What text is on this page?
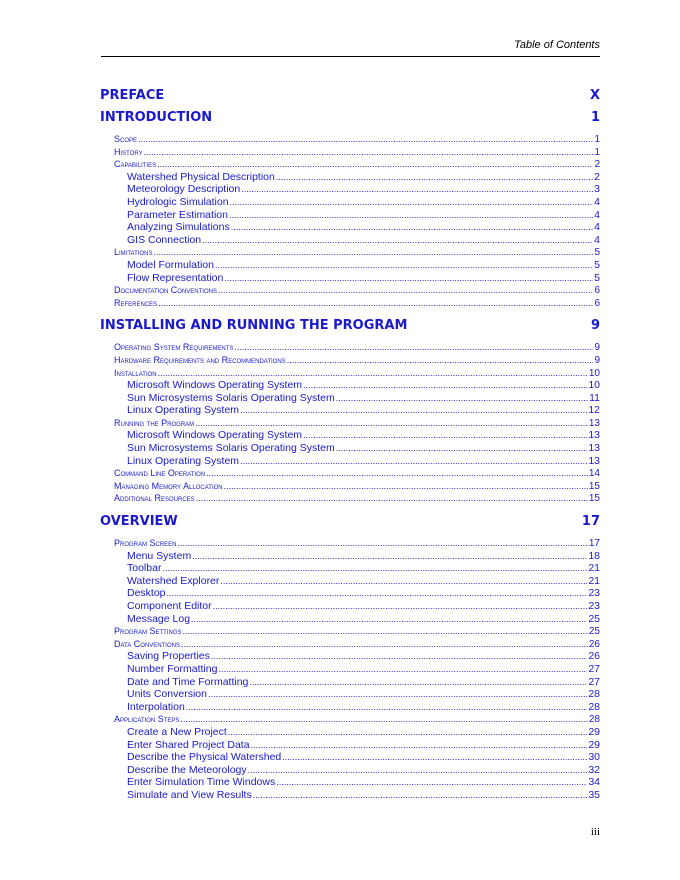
Table of Contents
PREFACE	X
INTRODUCTION	1
Scope .....	1
History .....	1
Capabilities .....	2
Watershed Physical Description .....	2
Meteorology Description .....	3
Hydrologic Simulation .....	4
Parameter Estimation .....	4
Analyzing Simulations .....	4
GIS Connection .....	4
Limitations .....	5
Model Formulation .....	5
Flow Representation .....	5
Documentation Conventions .....	6
References .....	6
INSTALLING AND RUNNING THE PROGRAM	9
Operating System Requirements .....	9
Hardware Requirements and Recommendations .....	9
Installation .....	10
Microsoft Windows Operating System .....	10
Sun Microsystems Solaris Operating System .....	11
Linux Operating System .....	12
Running the Program .....	13
Microsoft Windows Operating System .....	13
Sun Microsystems Solaris Operating System .....	13
Linux Operating System .....	13
Command Line Operation .....	14
Managing Memory Allocation .....	15
Additional Resources .....	15
OVERVIEW	17
Program Screen .....	17
Menu System .....	18
Toolbar .....	21
Watershed Explorer .....	21
Desktop .....	23
Component Editor .....	23
Message Log .....	25
Program Settings .....	25
Data Conventions .....	26
Saving Properties .....	26
Number Formatting .....	27
Date and Time Formatting .....	27
Units Conversion .....	28
Interpolation .....	28
Application Steps .....	28
Create a New Project .....	29
Enter Shared Project Data .....	29
Describe the Physical Watershed .....	30
Describe the Meteorology .....	32
Enter Simulation Time Windows .....	34
Simulate and View Results .....	35
iii
